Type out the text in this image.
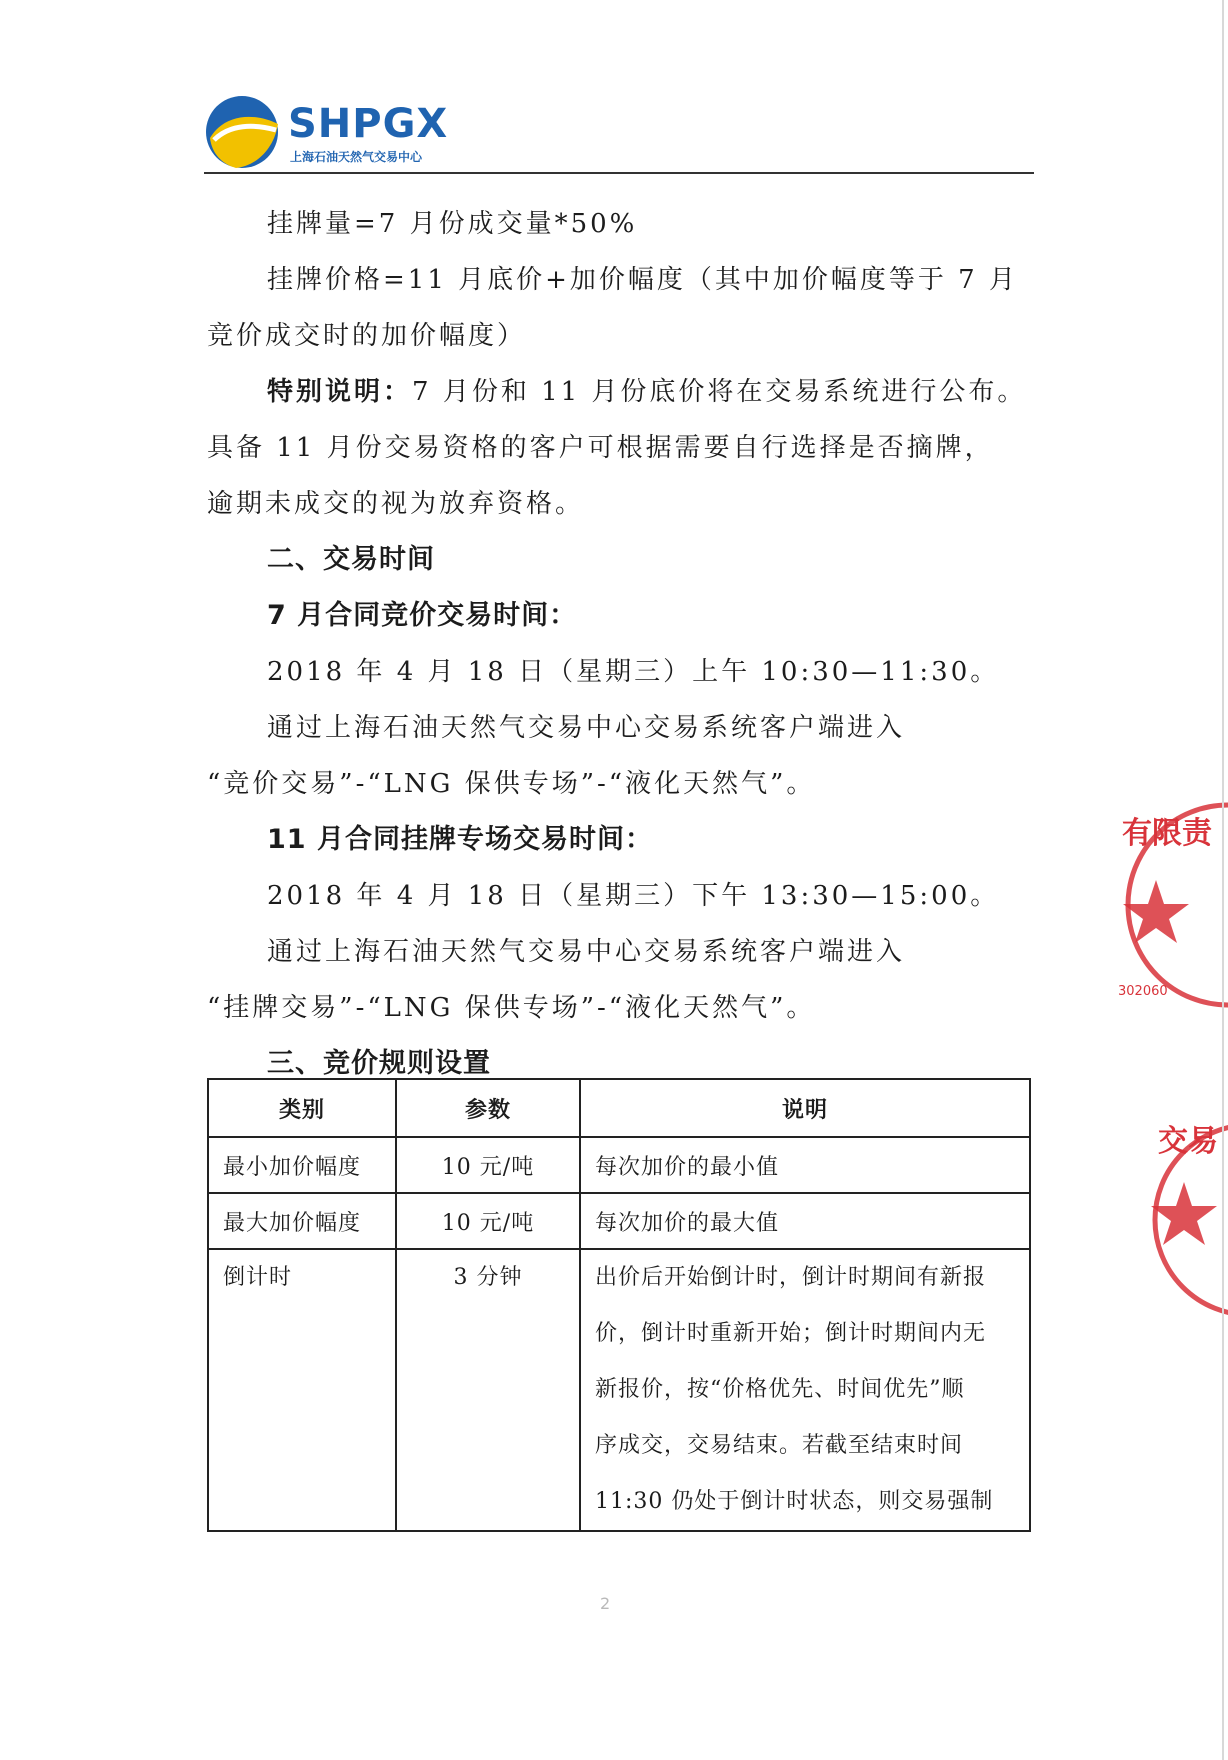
SHPGX
上海石油天然气交易中心

挂牌量=7 月份成交量*50%

挂牌价格=11 月底价+加价幅度（其中加价幅度等于 7 月

竞价成交时的加价幅度）

特别说明：7 月份和 11 月份底价将在交易系统进行公布。

具备 11 月份交易资格的客户可根据需要自行选择是否摘牌，

逾期未成交的视为放弃资格。

二、交易时间

7 月合同竞价交易时间：

2018 年 4 月 18 日（星期三）上午 10:30—11:30。

通过上海石油天然气交易中心交易系统客户端进入

“竞价交易”-“LNG 保供专场”-“液化天然气”。

11 月合同挂牌专场交易时间：

2018 年 4 月 18 日（星期三）下午 13:30—15:00。

通过上海石油天然气交易中心交易系统客户端进入

“挂牌交易”-“LNG 保供专场”-“液化天然气”。

三、竞价规则设置

类别	参数	说明
最小加价幅度	10 元/吨	每次加价的最小值
最大加价幅度	10 元/吨	每次加价的最大值
倒计时	3 分钟	出价后开始倒计时，倒计时期间有新报
价，倒计时重新开始；倒计时期间内无
新报价，按“价格优先、时间优先”顺
序成交，交易结束。若截至结束时间
11:30 仍处于倒计时状态，则交易强制
2
有限责
302060
交易
